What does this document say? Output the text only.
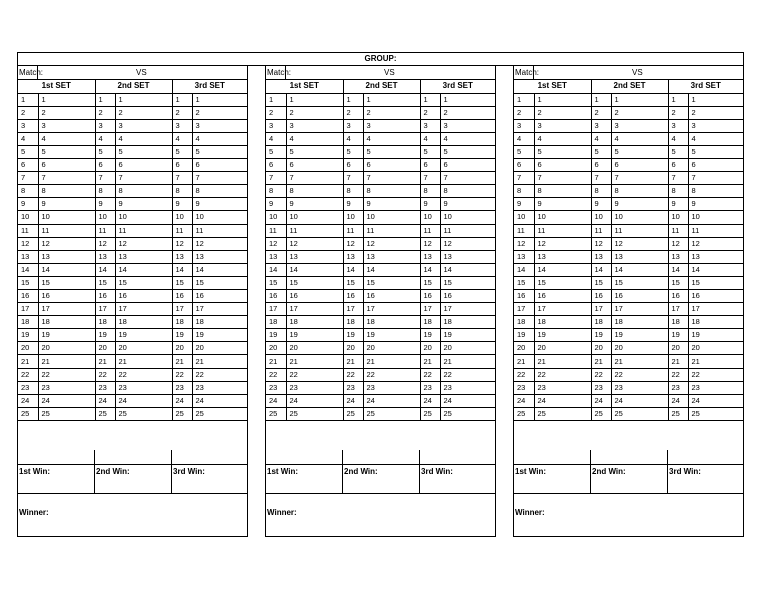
GROUP:
Match:	VS
1st SET		2nd SET		3rd SET	
1	1	1	1	1	1
2	2	2	2	2	2
3	3	3	3	3	3
4	4	4	4	4	4
5	5	5	5	5	5
6	6	6	6	6	6
7	7	7	7	7	7
8	8	8	8	8	8
9	9	9	9	9	9
10	10	10	10	10	10
11	11	11	11	11	11
12	12	12	12	12	12
13	13	13	13	13	13
14	14	14	14	14	14
15	15	15	15	15	15
16	16	16	16	16	16
17	17	17	17	17	17
18	18	18	18	18	18
19	19	19	19	19	19
20	20	20	20	20	20
21	21	21	21	21	21
22	22	22	22	22	22
23	23	23	23	23	23
24	24	24	24	24	24
25	25	25	25	25	25
1st Win:	2nd Win:	3rd Win:
Winner:
Match:	VS
1st SET		2nd SET		3rd SET	
1	1	1	1	1	1
2	2	2	2	2	2
3	3	3	3	3	3
4	4	4	4	4	4
5	5	5	5	5	5
6	6	6	6	6	6
7	7	7	7	7	7
8	8	8	8	8	8
9	9	9	9	9	9
10	10	10	10	10	10
11	11	11	11	11	11
12	12	12	12	12	12
13	13	13	13	13	13
14	14	14	14	14	14
15	15	15	15	15	15
16	16	16	16	16	16
17	17	17	17	17	17
18	18	18	18	18	18
19	19	19	19	19	19
20	20	20	20	20	20
21	21	21	21	21	21
22	22	22	22	22	22
23	23	23	23	23	23
24	24	24	24	24	24
25	25	25	25	25	25
1st Win:	2nd Win:	3rd Win:
Winner:
Match:	VS
1st SET		2nd SET		3rd SET	
1	1	1	1	1	1
2	2	2	2	2	2
3	3	3	3	3	3
4	4	4	4	4	4
5	5	5	5	5	5
6	6	6	6	6	6
7	7	7	7	7	7
8	8	8	8	8	8
9	9	9	9	9	9
10	10	10	10	10	10
11	11	11	11	11	11
12	12	12	12	12	12
13	13	13	13	13	13
14	14	14	14	14	14
15	15	15	15	15	15
16	16	16	16	16	16
17	17	17	17	17	17
18	18	18	18	18	18
19	19	19	19	19	19
20	20	20	20	20	20
21	21	21	21	21	21
22	22	22	22	22	22
23	23	23	23	23	23
24	24	24	24	24	24
25	25	25	25	25	25
1st Win:	2nd Win:	3rd Win:
Winner:
